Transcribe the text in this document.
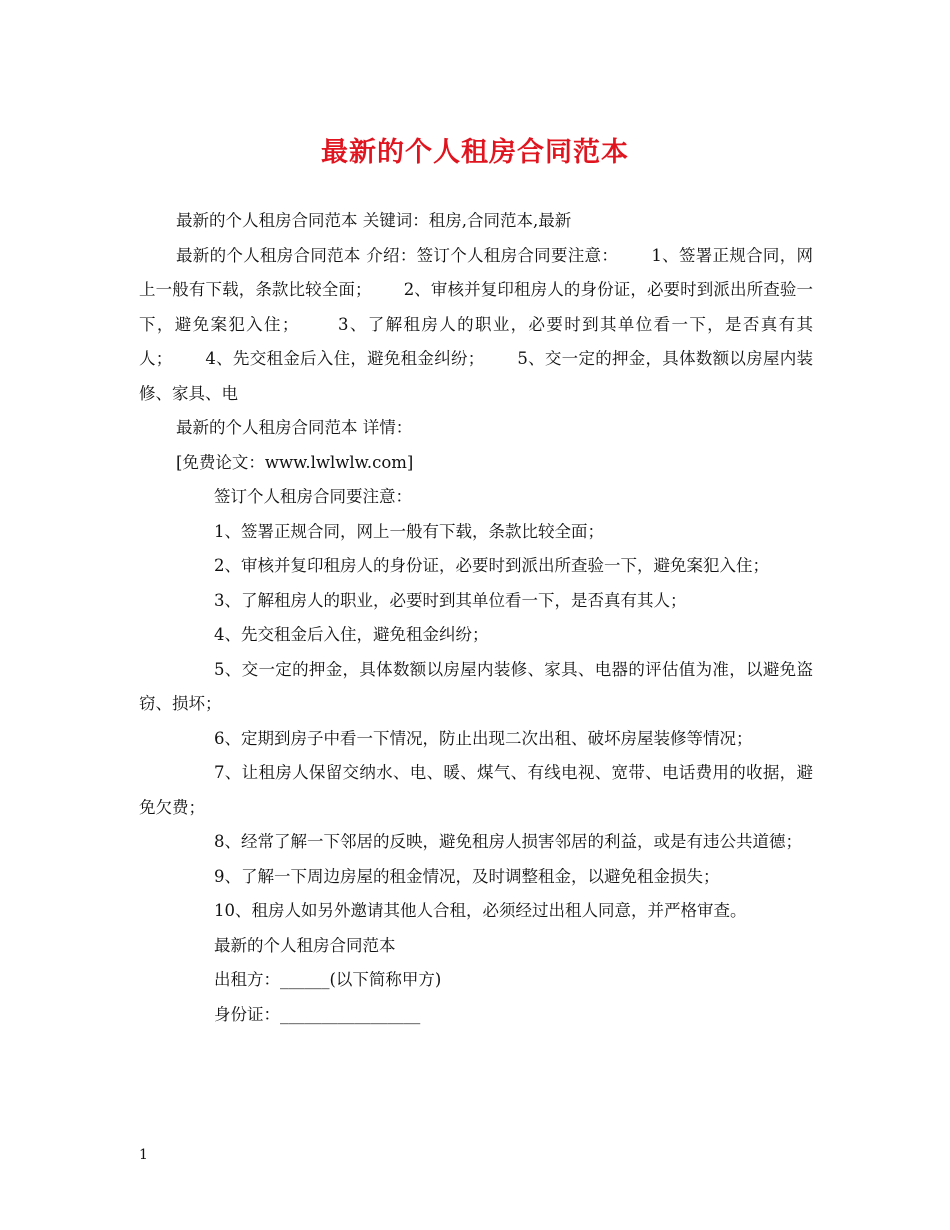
最新的个人租房合同范本

最新的个人租房合同范本 关键词：租房,合同范本,最新

最新的个人租房合同范本 介绍：签订个人租房合同要注意：      1、签署正规合同，网上一般有下载，条款比较全面；      2、审核并复印租房人的身份证，必要时到派出所查验一下，避免案犯入住；      3、了解租房人的职业，必要时到其单位看一下，是否真有其人；      4、先交租金后入住，避免租金纠纷；      5、交一定的押金，具体数额以房屋内装修、家具、电

最新的个人租房合同范本 详情：

[免费论文：www.lwlwlw.com]

签订个人租房合同要注意：

1、签署正规合同，网上一般有下载，条款比较全面；

2、审核并复印租房人的身份证，必要时到派出所查验一下，避免案犯入住；

3、了解租房人的职业，必要时到其单位看一下，是否真有其人；

4、先交租金后入住，避免租金纠纷；

5、交一定的押金，具体数额以房屋内装修、家具、电器的评估值为准，以避免盗窃、损坏；

6、定期到房子中看一下情况，防止出现二次出租、破坏房屋装修等情况；

7、让租房人保留交纳水、电、暖、煤气、有线电视、宽带、电话费用的收据，避免欠费；

8、经常了解一下邻居的反映，避免租房人损害邻居的利益，或是有违公共道德；

9、了解一下周边房屋的租金情况，及时调整租金，以避免租金损失；

10、租房人如另外邀请其他人合租，必须经过出租人同意，并严格审查。

最新的个人租房合同范本

出租方：______(以下简称甲方)

身份证：_________________

1
